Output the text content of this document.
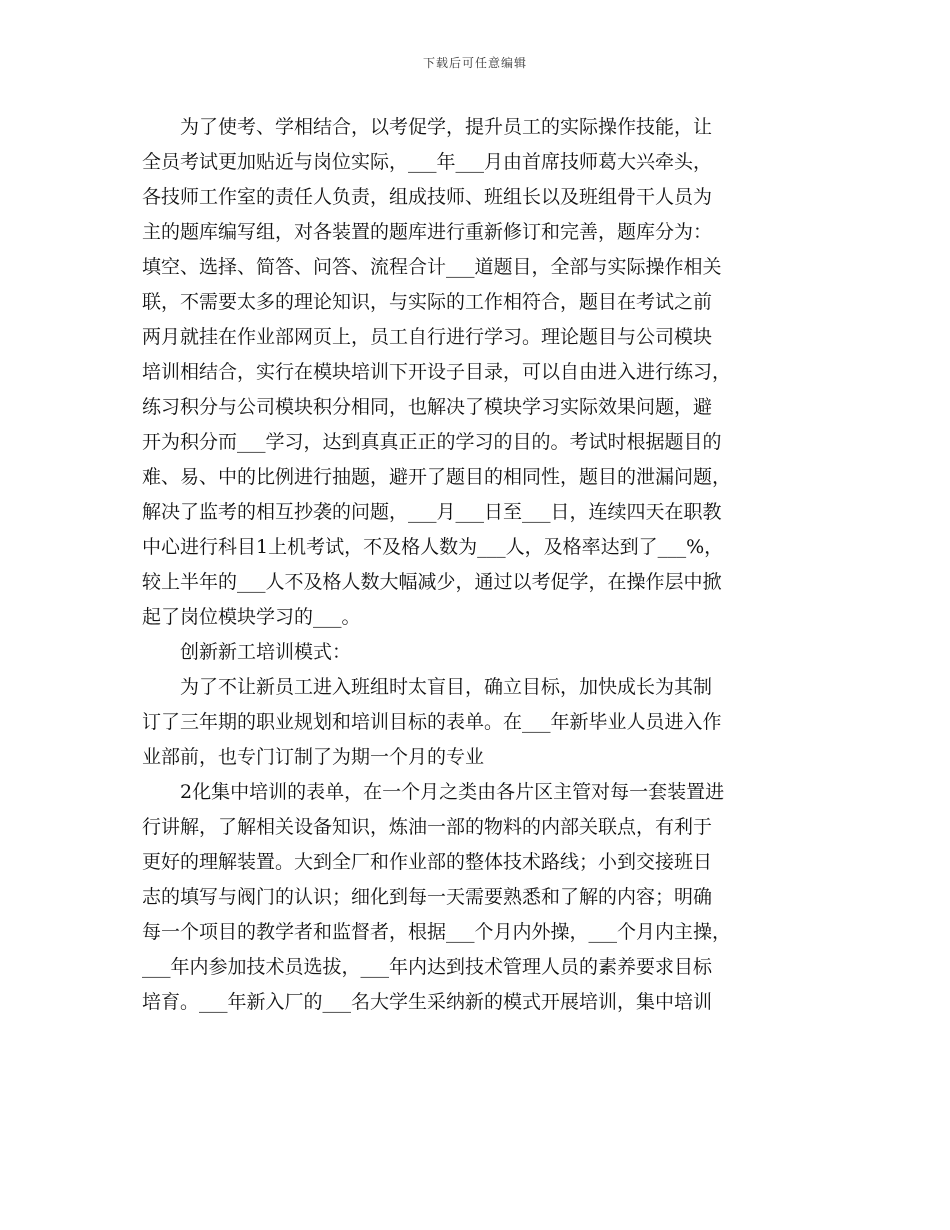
下载后可任意编辑
　　为了使考、学相结合，以考促学，提升员工的实际操作技能，让
全员考试更加贴近与岗位实际，___年___月由首席技师葛大兴牵头，
各技师工作室的责任人负责，组成技师、班组长以及班组骨干人员为
主的题库编写组，对各装置的题库进行重新修订和完善，题库分为：
填空、选择、简答、问答、流程合计___道题目，全部与实际操作相关
联，不需要太多的理论知识，与实际的工作相符合，题目在考试之前
两月就挂在作业部网页上，员工自行进行学习。理论题目与公司模块
培训相结合，实行在模块培训下开设子目录，可以自由进入进行练习，
练习积分与公司模块积分相同，也解决了模块学习实际效果问题，避
开为积分而___学习，达到真真正正的学习的目的。考试时根据题目的
难、易、中的比例进行抽题，避开了题目的相同性，题目的泄漏问题，
解决了监考的相互抄袭的问题，___月___日至___日，连续四天在职教
中心进行科目1上机考试，不及格人数为___人，及格率达到了___%，
较上半年的___人不及格人数大幅减少，通过以考促学，在操作层中掀
起了岗位模块学习的___。
　　创新新工培训模式：
　　为了不让新员工进入班组时太盲目，确立目标，加快成长为其制
订了三年期的职业规划和培训目标的表单。在___年新毕业人员进入作
业部前，也专门订制了为期一个月的专业
　　2化集中培训的表单，在一个月之类由各片区主管对每一套装置进
行讲解，了解相关设备知识，炼油一部的物料的内部关联点，有利于
更好的理解装置。大到全厂和作业部的整体技术路线；小到交接班日
志的填写与阀门的认识；细化到每一天需要熟悉和了解的内容；明确
每一个项目的教学者和监督者，根据___个月内外操，___个月内主操，
___年内参加技术员选拔，___年内达到技术管理人员的素养要求目标
培育。___年新入厂的___名大学生采纳新的模式开展培训，集中培训
